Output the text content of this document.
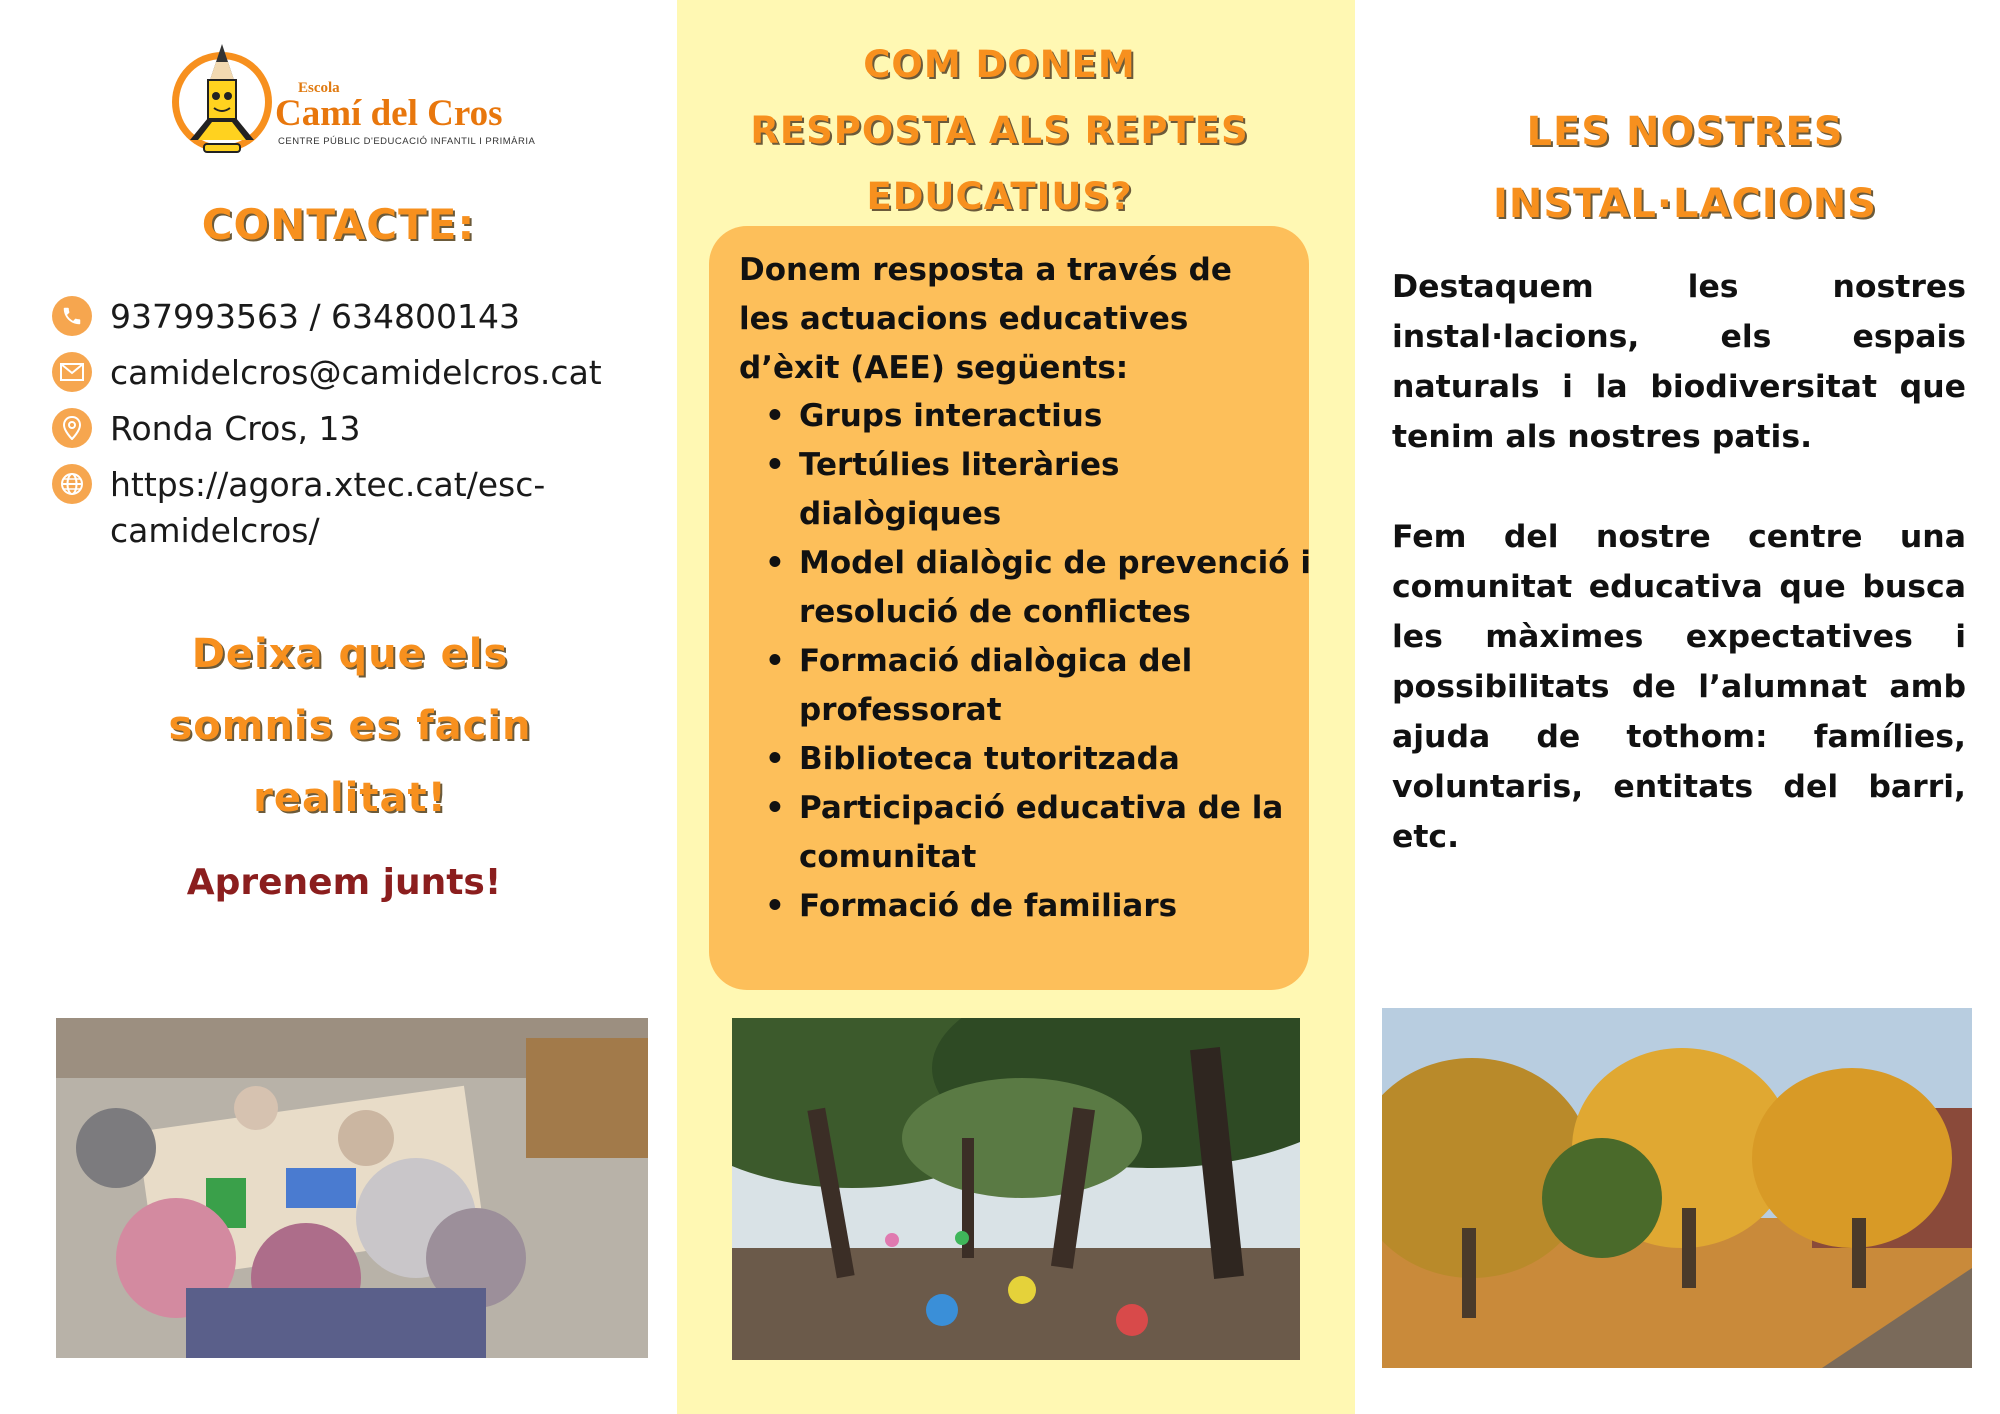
Escola
Camí del Cros
CENTRE PÚBLIC D'EDUCACIÓ INFANTIL I PRIMÀRIA
CONTACTE:
937993563 / 634800143
camidelcros@camidelcros.cat
Ronda Cros, 13
https://agora.xtec.cat/esc-camidelcros/
Deixa que els
somnis es facin
realitat!
Aprenem junts!
COM DONEM
RESPOSTA ALS REPTES
EDUCATIUS?
Donem resposta a través de les actuacions educatives d’èxit (AEE) següents:
• Grups interactius
• Tertúlies literàries dialògiques
• Model dialògic de prevenció i resolució de conflictes
• Formació dialògica del professorat
• Biblioteca tutoritzada
• Participació educativa de la comunitat
• Formació de familiars
LES NOSTRES
INSTAL·LACIONS
Destaquem les nostres instal·lacions, els espais naturals i la biodiversitat que tenim als nostres patis.
Fem del nostre centre una comunitat educativa que busca les màximes expectatives i possibilitats de l’alumnat amb ajuda de tothom: famílies, voluntaris, entitats del barri, etc.
